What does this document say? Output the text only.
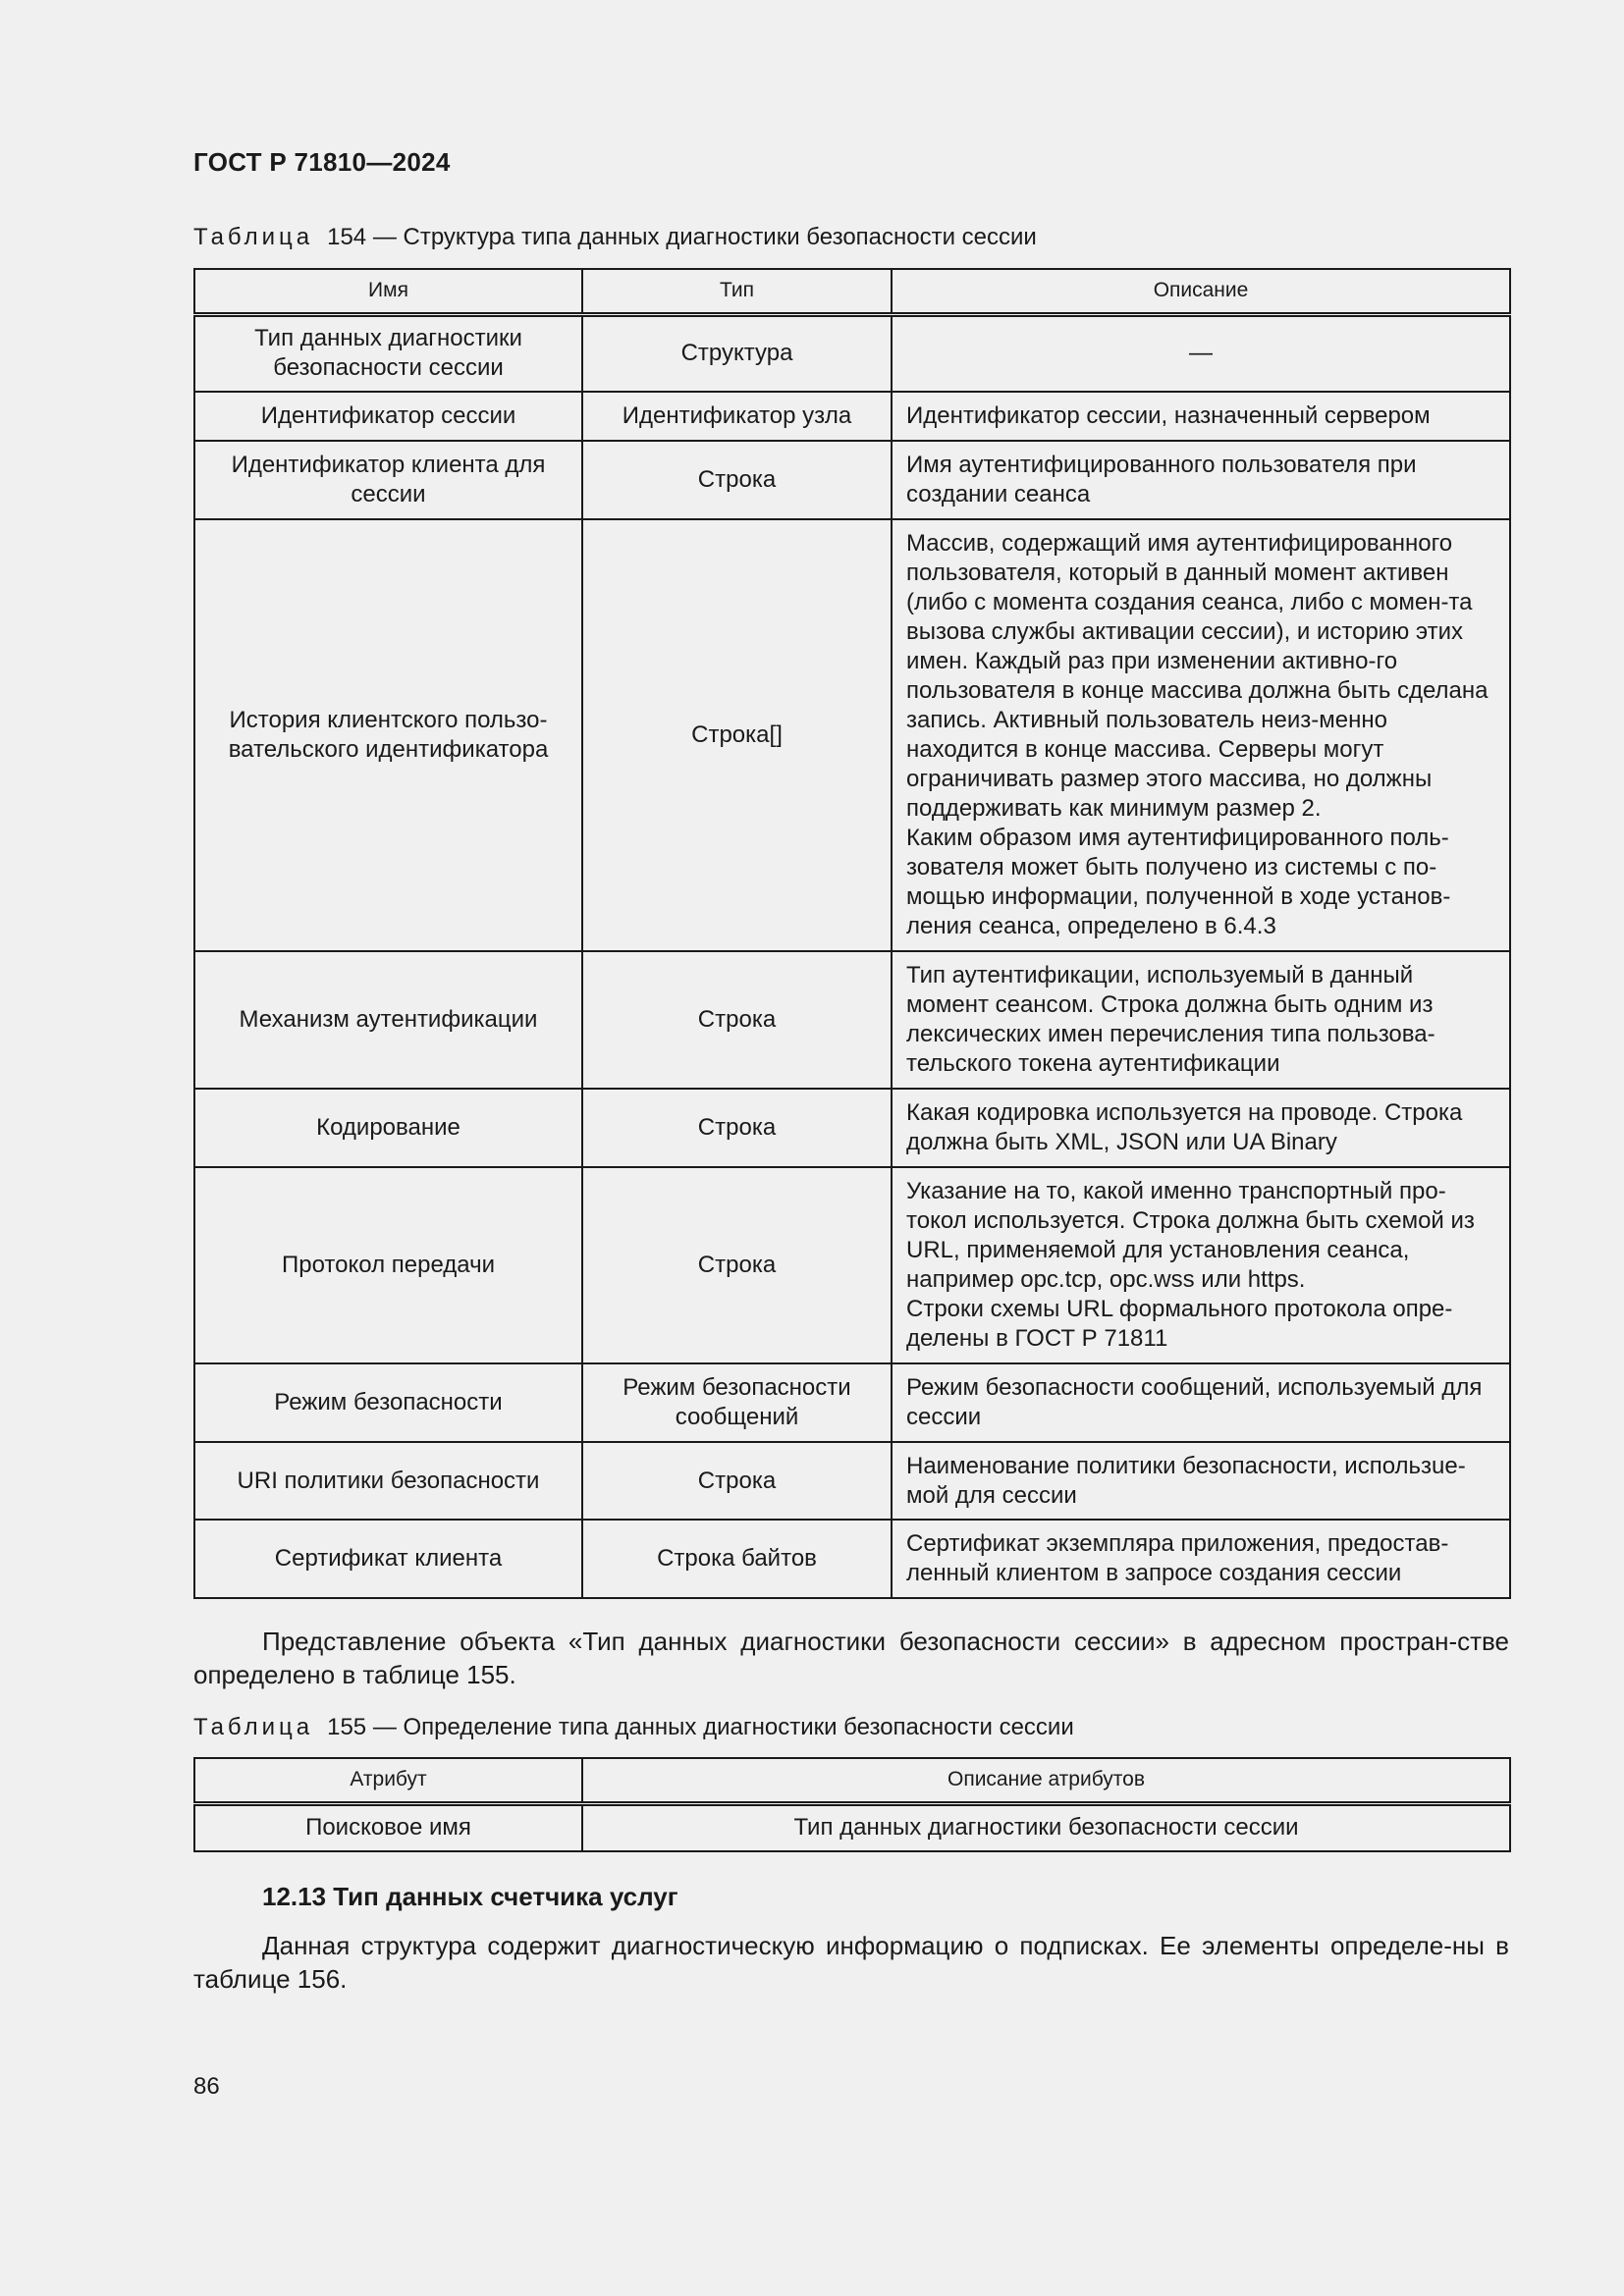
ГОСТ Р 71810—2024
Таблица 154 — Структура типа данных диагностики безопасности сессии
Имя	Тип	Описание
Тип данных диагностики безопасности сессии	Структура	—
Идентификатор сессии	Идентификатор узла	Идентификатор сессии, назначенный сервером
Идентификатор клиента для сессии	Строка	Имя аутентифицированного пользователя при создании сеанса
История клиентского пользо-вательского идентификатора	Строка[]	Массив, содержащий имя аутентифицированного пользователя, который в данный момент активен (либо с момента создания сеанса, либо с момен-та вызова службы активации сессии), и историю этих имен. Каждый раз при изменении активно-го пользователя в конце массива должна быть сделана запись. Активный пользователь неиз-менно находится в конце массива. Серверы могут ограничивать размер этого массива, но должны поддерживать как минимум размер 2.
Каким образом имя аутентифицированного поль-зователя может быть получено из системы с по-мощью информации, полученной в ходе установ-ления сеанса, определено в 6.4.3
Механизм аутентификации	Строка	Тип аутентификации, используемый в данный момент сеансом. Строка должна быть одним из лексических имен перечисления типа пользова-тельского токена аутентификации
Кодирование	Строка	Какая кодировка используется на проводе. Строка должна быть XML, JSON или UA Binary
Протокол передачи	Строка	Указание на то, какой именно транспортный про-токол используется. Строка должна быть схемой из URL, применяемой для установления сеанса, например opc.tcp, opc.wss или https.
Строки схемы URL формального протокола опре-делены в ГОСТ Р 71811
Режим безопасности	Режим безопасности сообщений	Режим безопасности сообщений, используемый для сессии
URI политики безопасности	Строка	Наименование политики безопасности, использue-мой для сессии
Сертификат клиента	Строка байтов	Сертификат экземпляра приложения, предостав-ленный клиентом в запросе создания сессии

Представление объекта «Тип данных диагностики безопасности сессии» в адресном простран-стве определено в таблице 155.

Таблица 155 — Определение типа данных диагностики безопасности сессии
Атрибут	Описание атрибутов
Поисковое имя	Тип данных диагностики безопасности сессии
12.13 Тип данных счетчика услуг

Данная структура содержит диагностическую информацию о подписках. Ее элементы определе-ны в таблице 156.

86
